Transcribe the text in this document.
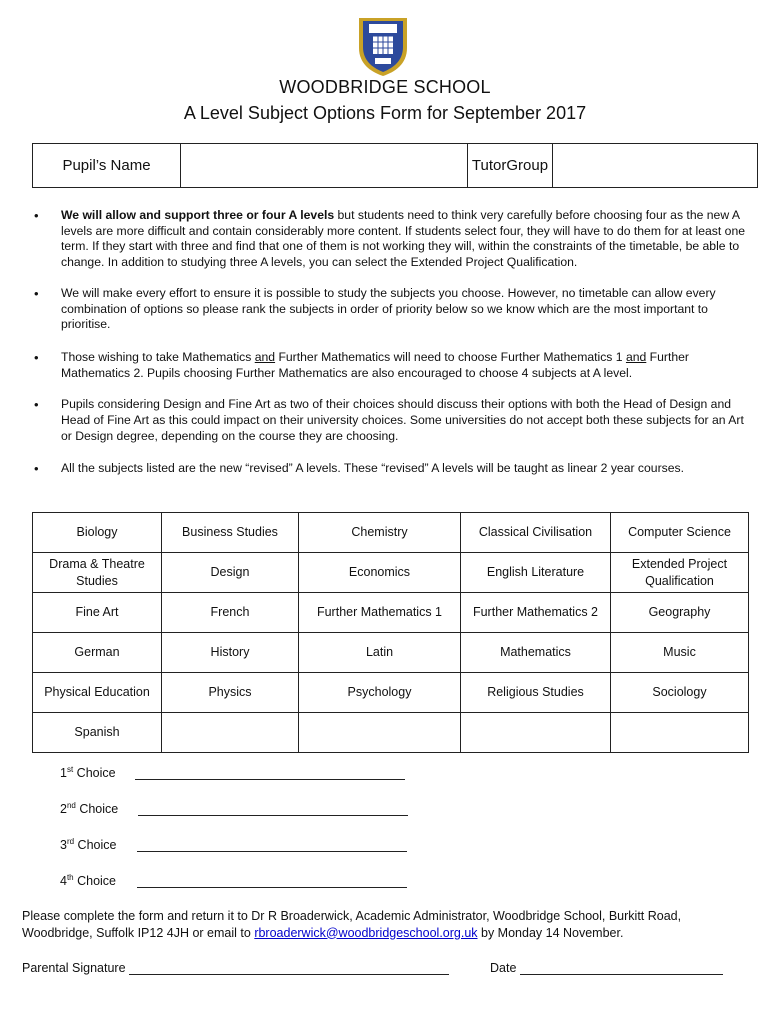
WOODBRIDGE SCHOOL
A Level Subject Options Form for September 2017
Pupil’s Name	Tutor Group
• We will allow and support three or four A levels but students need to think very carefully before choosing four as the new A levels are more difficult and contain considerably more content. If students select four, they will have to do them for at least one term. If they start with three and find that one of them is not working they will, within the constraints of the timetable, be able to change. In addition to studying three A levels, you can select the Extended Project Qualification.
• We will make every effort to ensure it is possible to study the subjects you choose. However, no timetable can allow every combination of options so please rank the subjects in order of priority below so we know which are the most important to prioritise.
• Those wishing to take Mathematics and Further Mathematics will need to choose Further Mathematics 1 and Further Mathematics 2. Pupils choosing Further Mathematics are also encouraged to choose 4 subjects at A level.
• Pupils considering Design and Fine Art as two of their choices should discuss their options with both the Head of Design and Head of Fine Art as this could impact on their university choices. Some universities do not accept both these subjects for an Art or Design degree, depending on the course they are choosing.
• All the subjects listed are the new “revised” A levels. These “revised” A levels will be taught as linear 2 year courses.
Biology	Business Studies	Chemistry	Classical Civilisation	Computer Science
Drama & Theatre Studies	Design	Economics	English Literature	Extended Project Qualification
Fine Art	French	Further Mathematics 1	Further Mathematics 2	Geography
German	History	Latin	Mathematics	Music
Physical Education	Physics	Psychology	Religious Studies	Sociology
Spanish				
1st Choice
2nd Choice
3rd Choice
4th Choice
Please complete the form and return it to Dr R Broaderwick, Academic Administrator, Woodbridge School, Burkitt Road, Woodbridge, Suffolk IP12 4JH or email to rbroaderwick@woodbridgeschool.org.uk by Monday 14 November.
Parental Signature	Date
